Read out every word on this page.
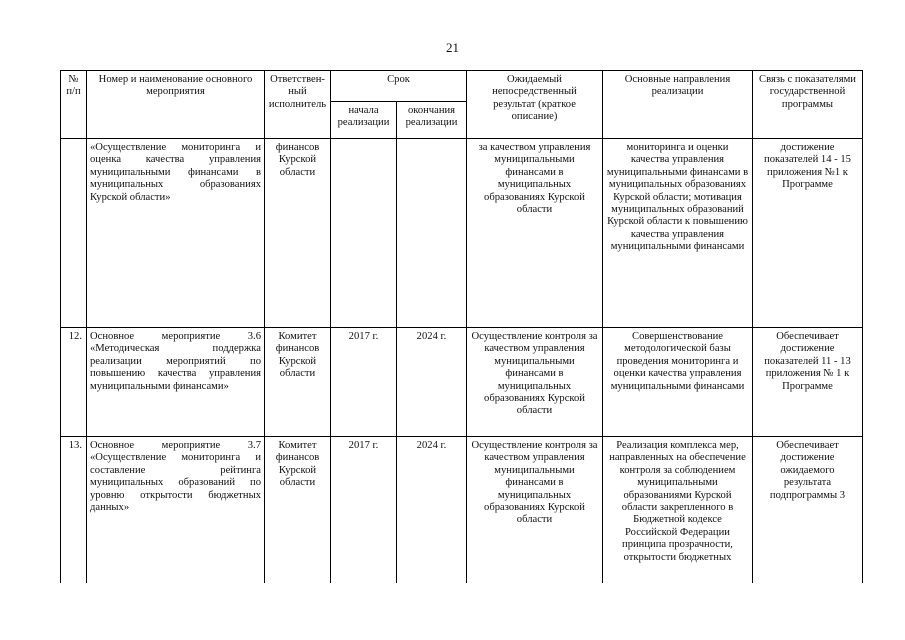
21
№ п/п	Номер и наименование основного мероприятия	Ответствен-ный исполнитель	Срок		Ожидаемый непосредственный результат (краткое описание)	Основные направления реализации	Связь с показателями государственной программы
			начала реализации	окончания реализации			
	«Осуществление мониторинга и оценка качества управления муниципальными финансами в муниципальных образованиях Курской области»	финансов Курской области			за качеством управления муниципальными финансами в муниципальных образованиях Курской области	мониторинга и оценки качества управления муниципальными финансами в муниципальных образованиях Курской области; мотивация муниципальных образований Курской области к повышению качества управления муниципальными финансами	достижение показателей 14 - 15 приложения №1 к Программе
12.	Основное мероприятие 3.6 «Методическая поддержка реализации мероприятий по повышению качества управления муниципальными финансами»	Комитет финансов Курской области	2017 г.	2024 г.	Осуществление контроля за качеством управления муниципальными финансами в муниципальных образованиях Курской области	Совершенствование методологической базы проведения мониторинга и оценки качества управления муниципальными финансами	Обеспечивает достижение показателей 11 - 13 приложения № 1 к Программе
13.	Основное мероприятие 3.7 «Осуществление мониторинга и составление рейтинга муниципальных образований по уровню открытости бюджетных данных»	Комитет финансов Курской области	2017 г.	2024 г.	Осуществление контроля за качеством управления муниципальными финансами в муниципальных образованиях Курской области	Реализация комплекса мер, направленных на обеспечение контроля за соблюдением муниципальными образованиями Курской области закрепленного в Бюджетной кодексе Российской Федерации принципа прозрачности, открытости бюджетных	Обеспечивает достижение ожидаемого результата подпрограммы 3
